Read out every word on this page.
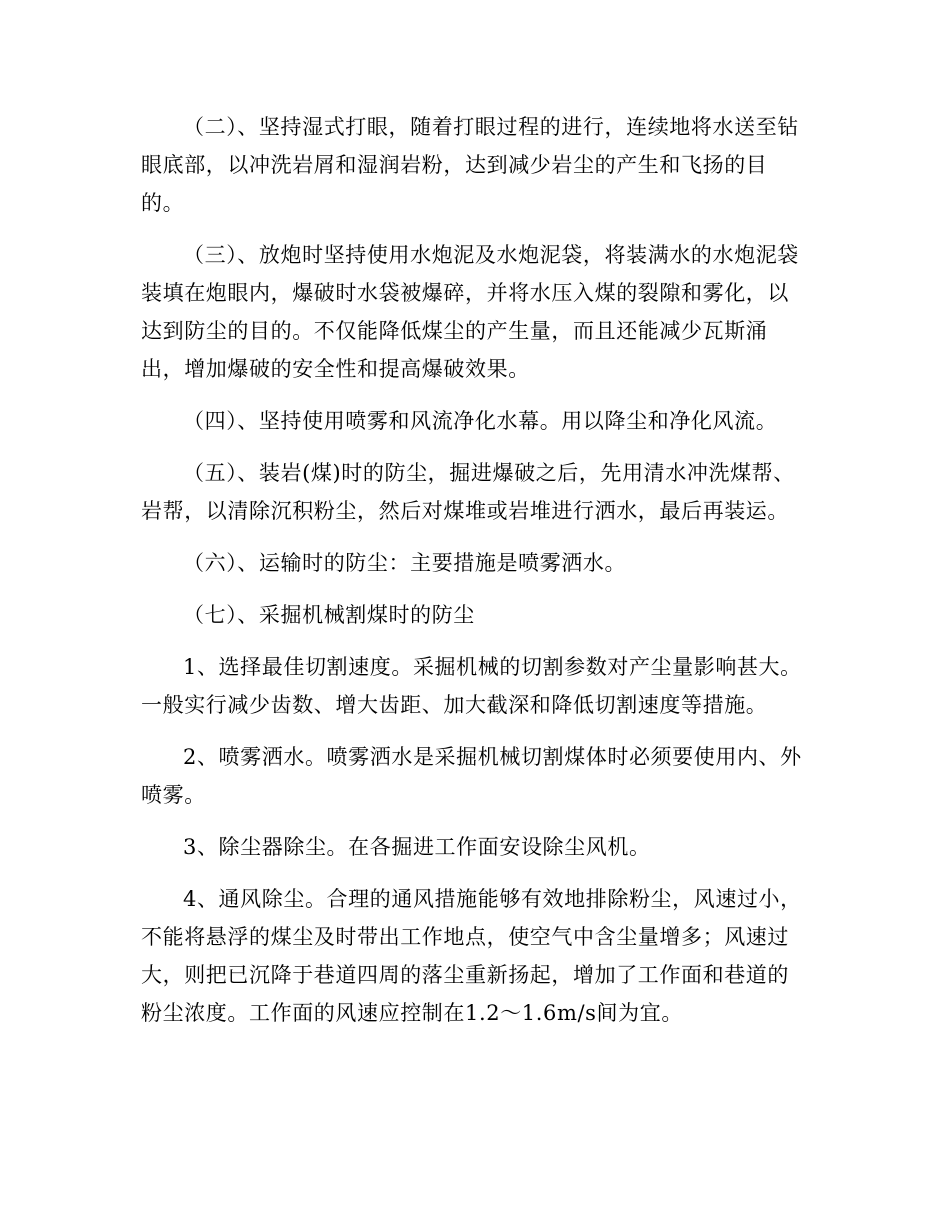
（二）、坚持湿式打眼，随着打眼过程的进行，连续地将水送至钻眼底部，以冲洗岩屑和湿润岩粉，达到减少岩尘的产生和飞扬的目的。

（三）、放炮时坚持使用水炮泥及水炮泥袋，将装满水的水炮泥袋装填在炮眼内，爆破时水袋被爆碎，并将水压入煤的裂隙和雾化，以达到防尘的目的。不仅能降低煤尘的产生量，而且还能减少瓦斯涌出，增加爆破的安全性和提高爆破效果。

（四）、坚持使用喷雾和风流净化水幕。用以降尘和净化风流。

（五）、装岩(煤)时的防尘，掘进爆破之后，先用清水冲洗煤帮、岩帮，以清除沉积粉尘，然后对煤堆或岩堆进行洒水，最后再装运。

（六）、运输时的防尘：主要措施是喷雾洒水。

（七）、采掘机械割煤时的防尘

1、选择最佳切割速度。采掘机械的切割参数对产尘量影响甚大。一般实行减少齿数、增大齿距、加大截深和降低切割速度等措施。

2、喷雾洒水。喷雾洒水是采掘机械切割煤体时必须要使用内、外喷雾。

3、除尘器除尘。在各掘进工作面安设除尘风机。

4、通风除尘。合理的通风措施能够有效地排除粉尘，风速过小，不能将悬浮的煤尘及时带出工作地点，使空气中含尘量增多；风速过大，则把已沉降于巷道四周的落尘重新扬起，增加了工作面和巷道的粉尘浓度。工作面的风速应控制在1.2～1.6m/s间为宜。
